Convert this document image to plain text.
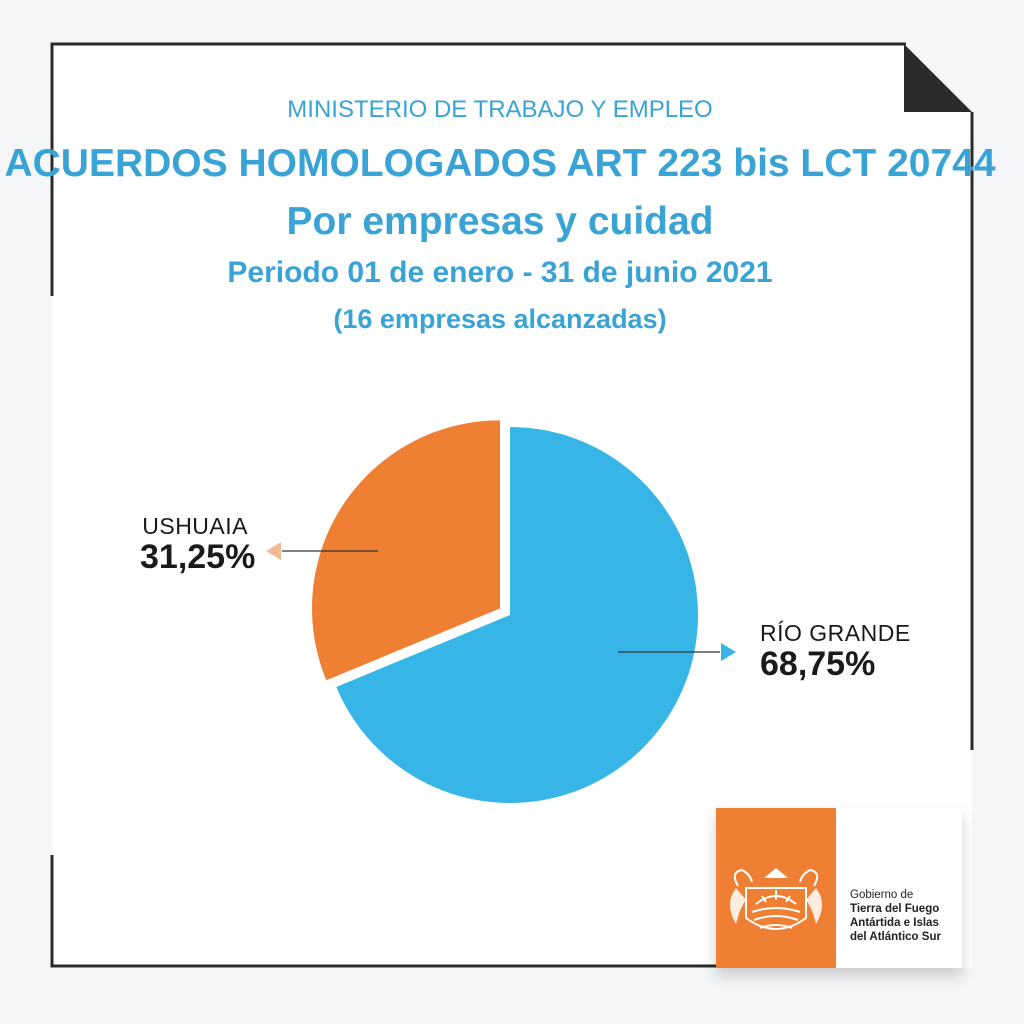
MINISTERIO DE TRABAJO Y EMPLEO
ACUERDOS HOMOLOGADOS ART 223 bis LCT 20744
Por empresas y cuidad
Periodo 01 de enero - 31 de junio 2021
(16 empresas alcanzadas)
USHUAIA
31,25%
RÍO GRANDE
68,75%
Gobierno de
Tierra del Fuego
Antártida e Islas
del Atlántico Sur
